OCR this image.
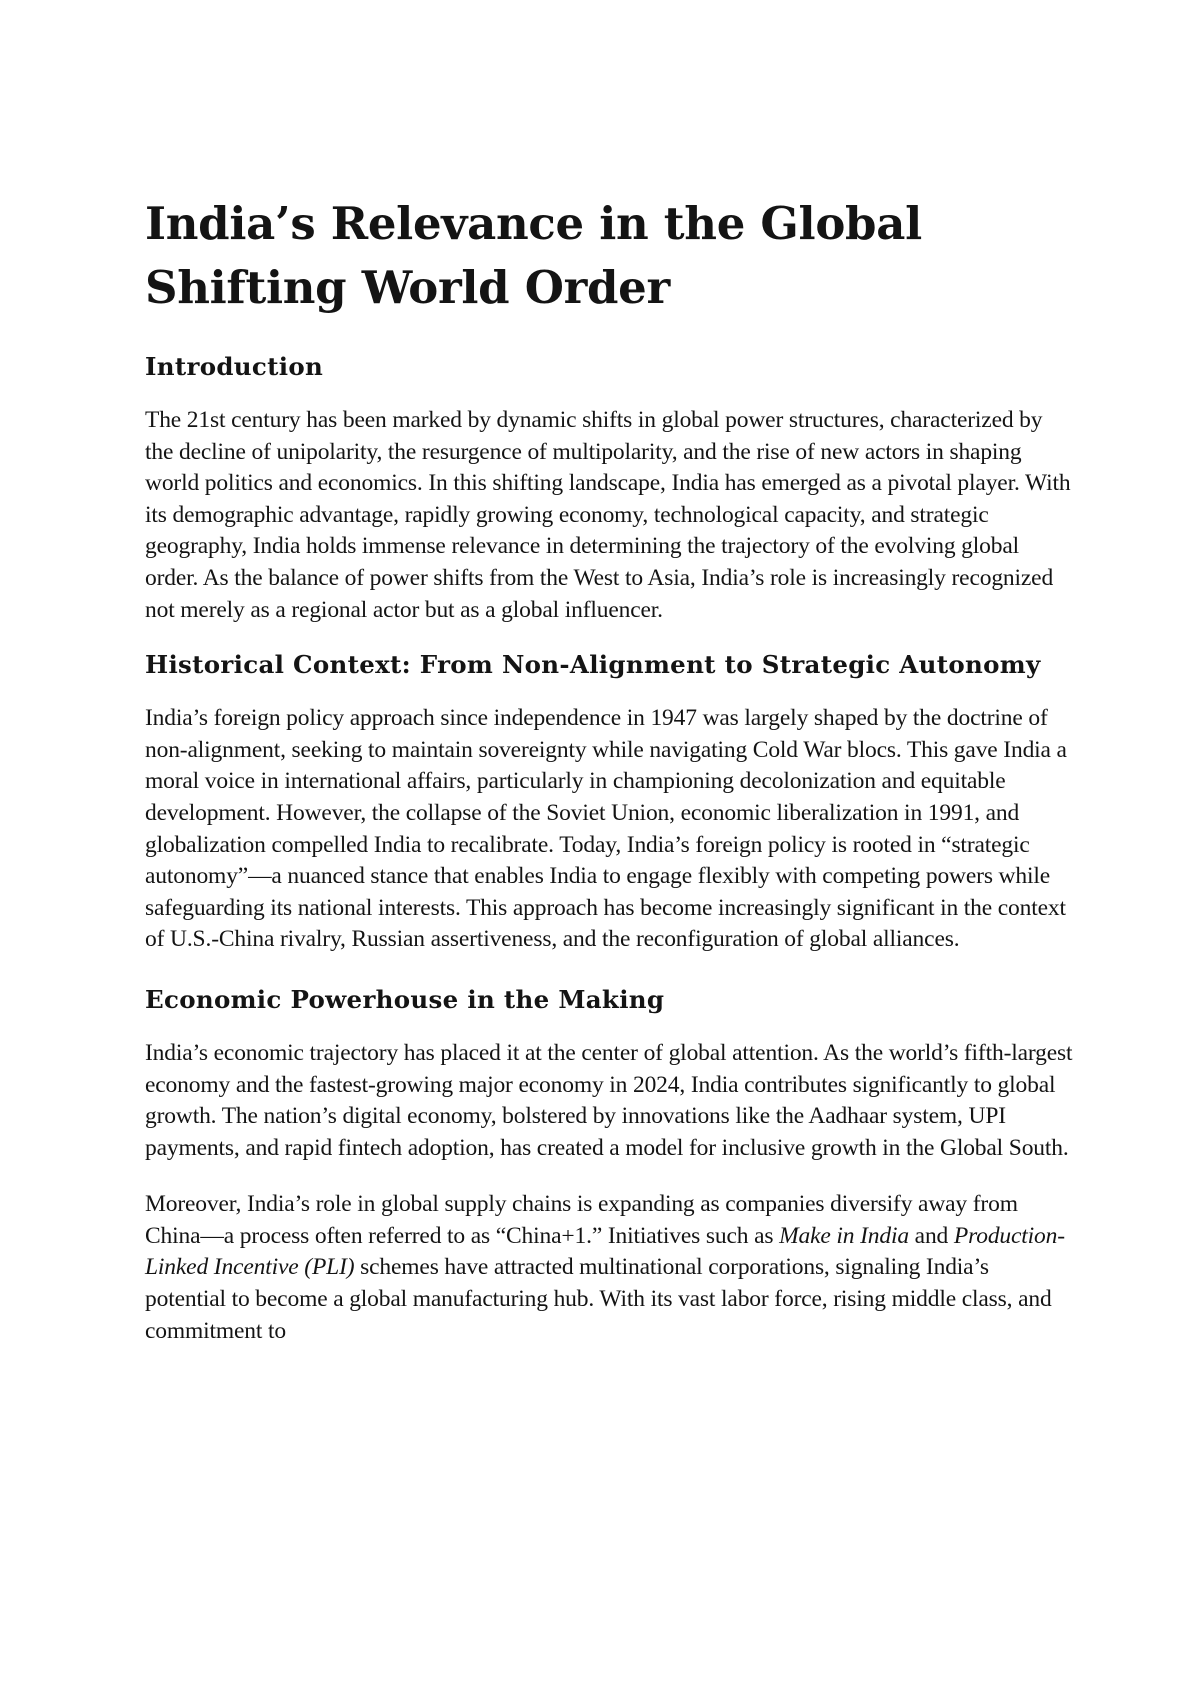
India’s Relevance in the Global Shifting World Order
Introduction

The 21st century has been marked by dynamic shifts in global power structures, characterized by the decline of unipolarity, the resurgence of multipolarity, and the rise of new actors in shaping world politics and economics. In this shifting landscape, India has emerged as a pivotal player. With its demographic advantage, rapidly growing economy, technological capacity, and strategic geography, India holds immense relevance in determining the trajectory of the evolving global order. As the balance of power shifts from the West to Asia, India’s role is increasingly recognized not merely as a regional actor but as a global influencer.

Historical Context: From Non-Alignment to Strategic Autonomy

India’s foreign policy approach since independence in 1947 was largely shaped by the doctrine of non-alignment, seeking to maintain sovereignty while navigating Cold War blocs. This gave India a moral voice in international affairs, particularly in championing decolonization and equitable development. However, the collapse of the Soviet Union, economic liberalization in 1991, and globalization compelled India to recalibrate. Today, India’s foreign policy is rooted in “strategic autonomy”—a nuanced stance that enables India to engage flexibly with competing powers while safeguarding its national interests. This approach has become increasingly significant in the context of U.S.-China rivalry, Russian assertiveness, and the reconfiguration of global alliances.

Economic Powerhouse in the Making

India’s economic trajectory has placed it at the center of global attention. As the world’s fifth-largest economy and the fastest-growing major economy in 2024, India contributes significantly to global growth. The nation’s digital economy, bolstered by innovations like the Aadhaar system, UPI payments, and rapid fintech adoption, has created a model for inclusive growth in the Global South.

Moreover, India’s role in global supply chains is expanding as companies diversify away from China—a process often referred to as “China+1.” Initiatives such as Make in India and Production-Linked Incentive (PLI) schemes have attracted multinational corporations, signaling India’s potential to become a global manufacturing hub. With its vast labor force, rising middle class, and commitment to
